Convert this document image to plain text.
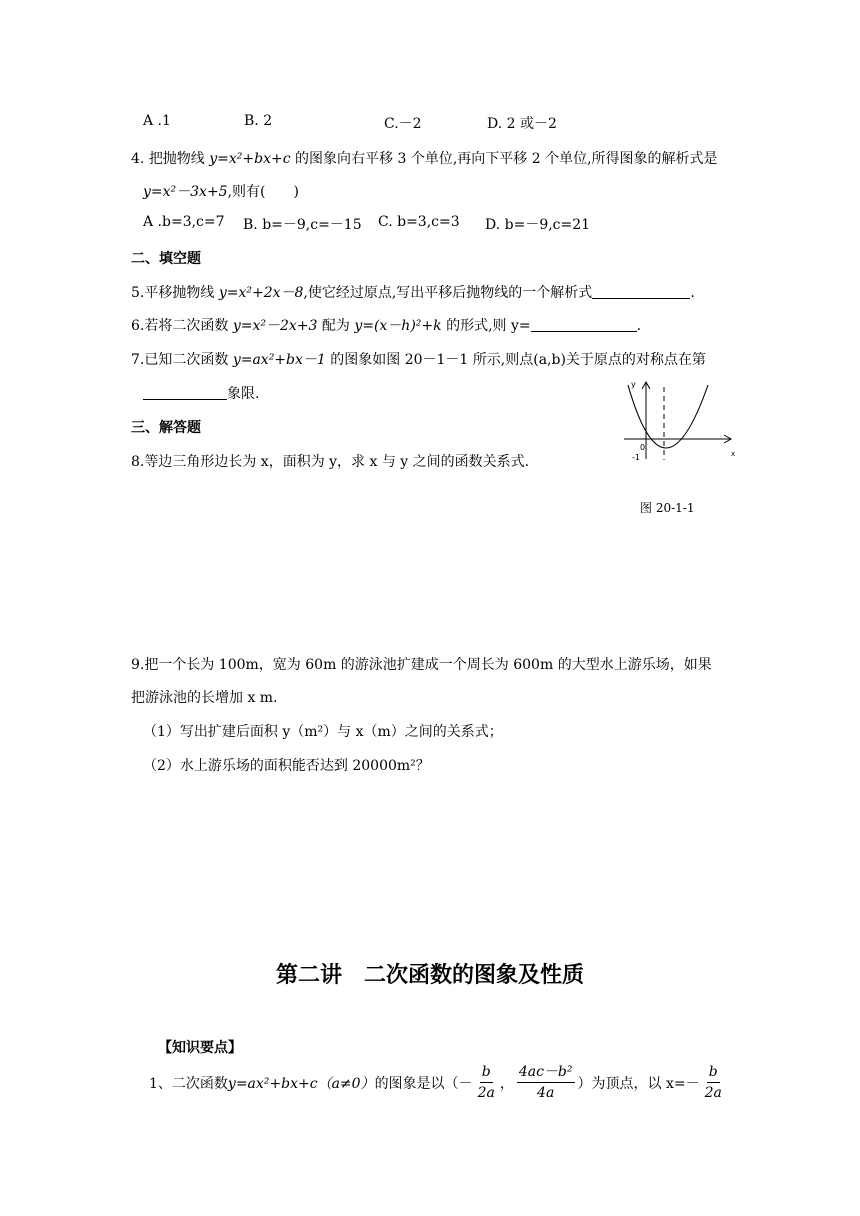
A .1	B. 2	C.－2	D. 2 或－2
4. 把抛物线 y=x²+bx+c 的图象向右平移 3 个单位,再向下平移 2 个单位,所得图象的解析式是
y=x²－3x+5,则有(　　)
A .b=3,c=7 B. b=－9,c=－15 C. b=3,c=3 D. b=－9,c=21
二、填空题
5.平移抛物线 y=x²+2x－8,使它经过原点,写出平移后抛物线的一个解析式	.
6.若将二次函数 y=x²－2x+3 配为 y=(x－h)²+k 的形式,则 y=	.
7.已知二次函数 y=ax²+bx－1 的图象如图 20－1－1 所示,则点(a,b)关于原点的对称点在第
象限.
三、解答题
8.等边三角形边长为 x，面积为 y，求 x 与 y 之间的函数关系式.
y
0
-1	x
图 20-1-1
9.把一个长为 100m，宽为 60m 的游泳池扩建成一个周长为 600m 的大型水上游乐场，如果
把游泳池的长增加 x m.
（1）写出扩建后面积 y（m²）与 x（m）之间的关系式；
（2）水上游乐场的面积能否达到 20000m²？
第二讲　二次函数的图象及性质
【知识要点】
1、二次函数 y=ax²+bx+c（a≠0） 的图象是以（－ $\frac{b}{2a}$ ， $\frac{\text{4ac－b²}}{4a}$ ）为顶点，以 $x=- \frac{b}{2a}$
